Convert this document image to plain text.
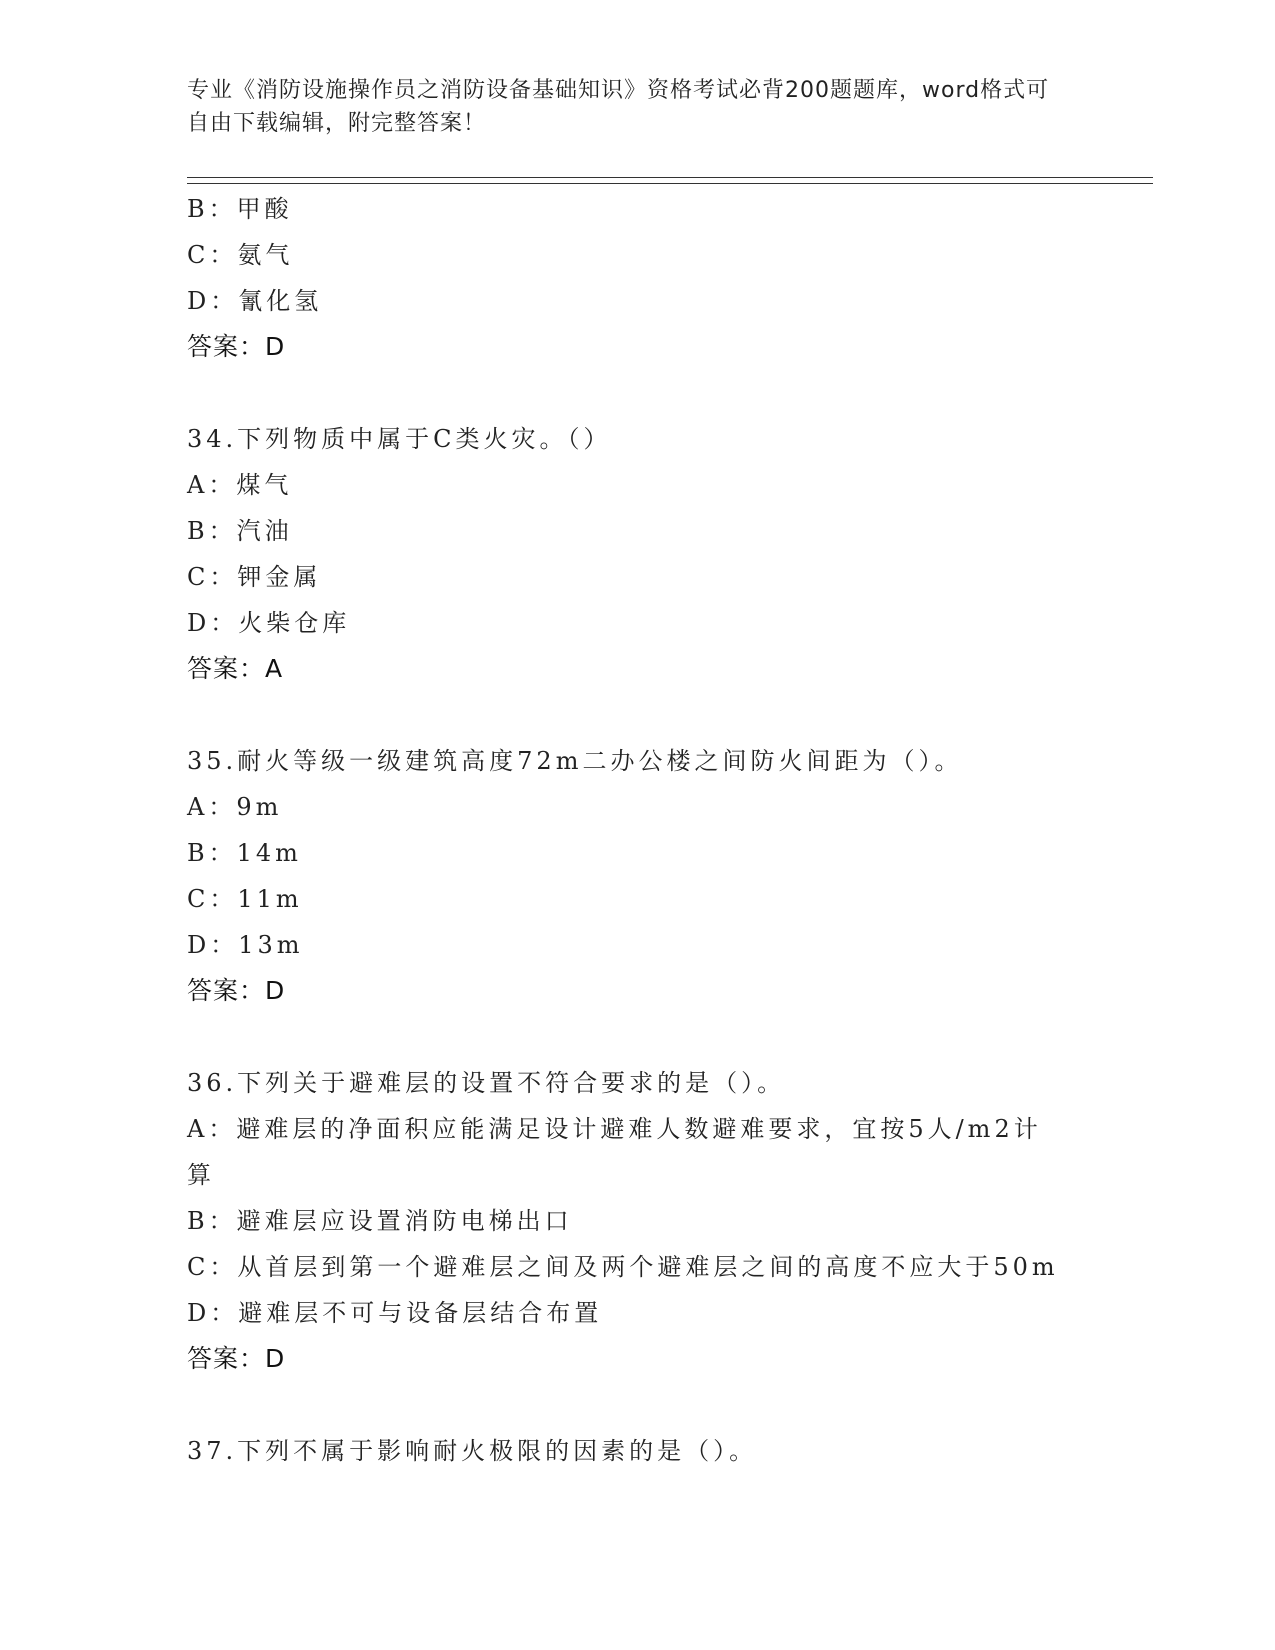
专业《消防设施操作员之消防设备基础知识》资格考试必背200题题库，word格式可自由下载编辑，附完整答案！
B：甲酸
C：氨气
D：氰化氢
答案：D
34.下列物质中属于C类火灾。（）
A：煤气
B：汽油
C：钾金属
D：火柴仓库
答案：A
35.耐火等级一级建筑高度72m二办公楼之间防火间距为（）。
A：9m
B：14m
C：11m
D：13m
答案：D
36.下列关于避难层的设置不符合要求的是（）。
A：避难层的净面积应能满足设计避难人数避难要求，宜按5人/m2计算
B：避难层应设置消防电梯出口
C：从首层到第一个避难层之间及两个避难层之间的高度不应大于50m
D：避难层不可与设备层结合布置
答案：D
37.下列不属于影响耐火极限的因素的是（）。
